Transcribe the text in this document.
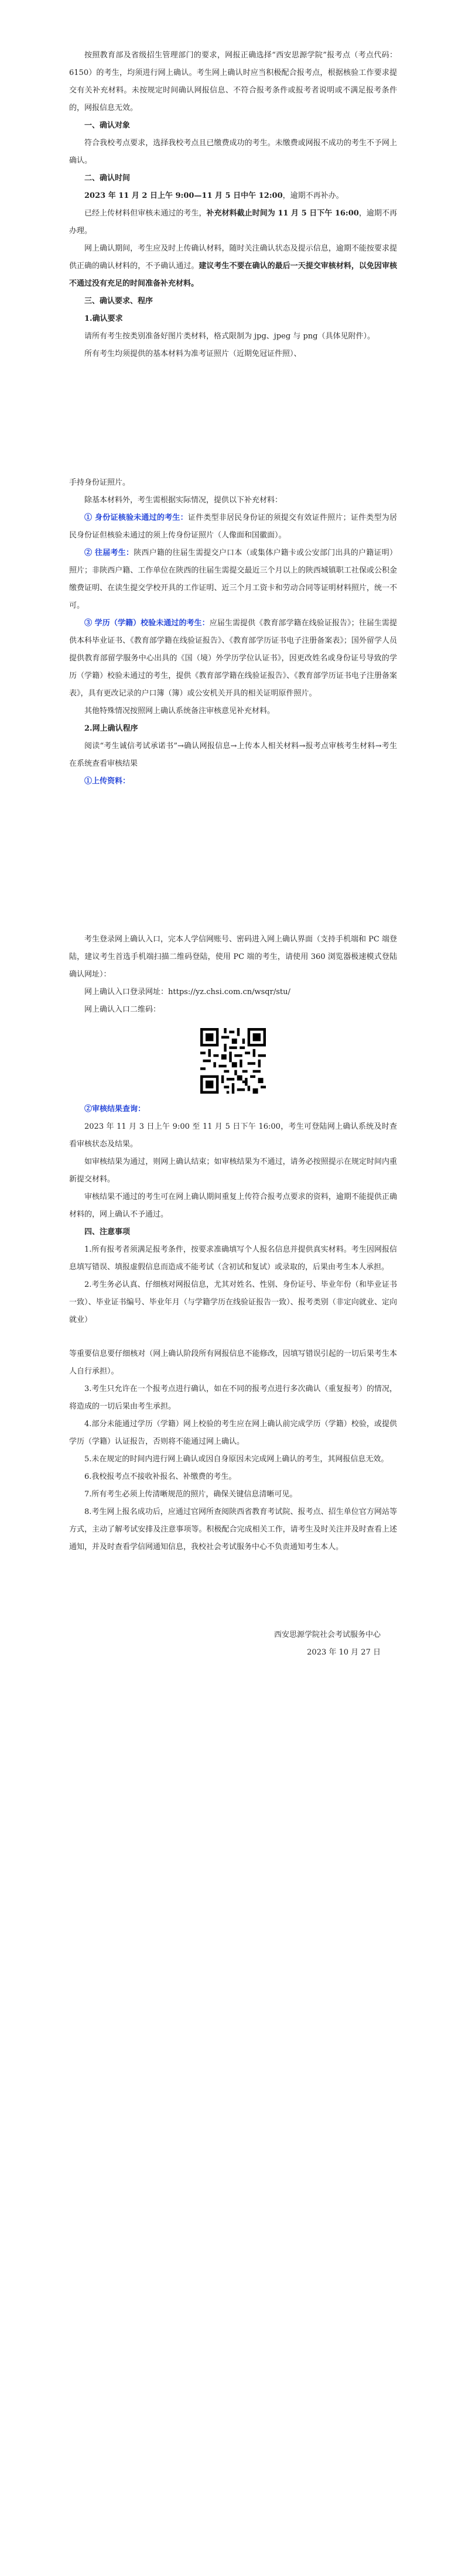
按照教育部及省级招生管理部门的要求，网报正确选择“西安思源学院”报考点（考点代码：6150）的考生，均须进行网上确认。考生网上确认时应当积极配合报考点，根据核验工作要求提交有关补充材料。未按规定时间确认网报信息、不符合报考条件或报考者说明或不满足报考条件的，网报信息无效。

一、确认对象

符合我校考点要求，选择我校考点且已缴费成功的考生。未缴费或网报不成功的考生不予网上确认。

二、确认时间

2023 年 11 月 2 日上午 9:00—11 月 5 日中午 12:00，逾期不再补办。

已经上传材料但审核未通过的考生，补充材料截止时间为 11 月 5 日下午 16:00，逾期不再办理。

网上确认期间，考生应及时上传确认材料，随时关注确认状态及提示信息，逾期不能按要求提供正确的确认材料的，不予确认通过。建议考生不要在确认的最后一天提交审核材料，以免因审核不通过没有充足的时间准备补充材料。

三、确认要求、程序

1.确认要求

请所有考生按类别准备好图片类材料，格式限制为 jpg、jpeg 与 png（具体见附件）。

所有考生均须提供的基本材料为准考证照片（近期免冠证件照）、

手持身份证照片。

除基本材料外，考生需根据实际情况，提供以下补充材料：

① 身份证核验未通过的考生：证件类型非居民身份证的须提交有效证件照片；证件类型为居民身份证但核验未通过的须上传身份证照片（人像面和国徽面）。

② 往届考生：陕西户籍的往届生需提交户口本（或集体户籍卡或公安部门出具的户籍证明）照片；非陕西户籍、工作单位在陕西的往届生需提交最近三个月以上的陕西城镇职工社保或公积金缴费证明、在读生提交学校开具的工作证明、近三个月工资卡和劳动合同等证明材料照片，统一不可。

③ 学历（学籍）校验未通过的考生：应届生需提供《教育部学籍在线验证报告》；往届生需提供本科毕业证书、《教育部学籍在线验证报告》、《教育部学历证书电子注册备案表》；国外留学人员提供教育部留学服务中心出具的《国（境）外学历学位认证书》，因更改姓名或身份证号导致的学历（学籍）校验未通过的考生，提供《教育部学籍在线验证报告》、《教育部学历证书电子注册备案表》，具有更改记录的户口簿（簿）或公安机关开具的相关证明原件照片。

其他特殊情况按照网上确认系统备注审核意见补充材料。

2.网上确认程序

阅读“考生诚信考试承诺书”→确认网报信息→上传本人相关材料→报考点审核考生材料→考生在系统查看审核结果

①上传资料：

考生登录网上确认入口，完本人学信网账号、密码进入网上确认界面（支持手机端和 PC 端登陆，建议考生首选手机端扫描二维码登陆，使用 PC 端的考生，请使用 360 浏览器极速模式登陆确认网址）：

网上确认入口登录网址：https://yz.chsi.com.cn/wsqr/stu/

网上确认入口二维码：

②审核结果查询：

2023 年 11 月 3 日上午 9:00 至 11 月 5 日下午 16:00，考生可登陆网上确认系统及时查看审核状态及结果。

如审核结果为通过，则网上确认结束；如审核结果为不通过，请务必按照提示在规定时间内重新提交材料。

审核结果不通过的考生可在网上确认期间重复上传符合报考点要求的资料，逾期不能提供正确材料的，网上确认不予通过。

四、注意事项

1.所有报考者须满足报考条件，按要求准确填写个人报名信息并提供真实材料。考生因网报信息填写错误、填报虚假信息而造成不能考试（含初试和复试）或录取的，后果由考生本人承担。

2.考生务必认真、仔细核对网报信息，尤其对姓名、性别、身份证号、毕业年份（和毕业证书一致）、毕业证书编号、毕业年月（与学籍学历在线验证报告一致）、报考类别（非定向就业、定向就业）

等重要信息要仔细核对（网上确认阶段所有网报信息不能修改，因填写错误引起的一切后果考生本人自行承担）。

3.考生只允许在一个报考点进行确认，如在不同的报考点进行多次确认（重复报考）的情况，将造成的一切后果由考生承担。

4.部分未能通过学历（学籍）网上校验的考生应在网上确认前完成学历（学籍）校验，或提供学历（学籍）认证报告，否则将不能通过网上确认。

5.未在规定的时间内进行网上确认或因自身原因未完成网上确认的考生，其网报信息无效。

6.我校报考点不接收补报名、补缴费的考生。

7.所有考生必须上传清晰规范的照片，确保关键信息清晰可见。

8.考生网上报名成功后，应通过官网所查阅陕西省教育考试院、报考点、招生单位官方网站等方式，主动了解考试安排及注意事项等。积极配合完成相关工作，请考生及时关注并及时查看上述通知，并及时查看学信网通知信息，我校社会考试服务中心不负责通知考生本人。

西安思源学院社会考试服务中心

2023 年 10 月 27 日
